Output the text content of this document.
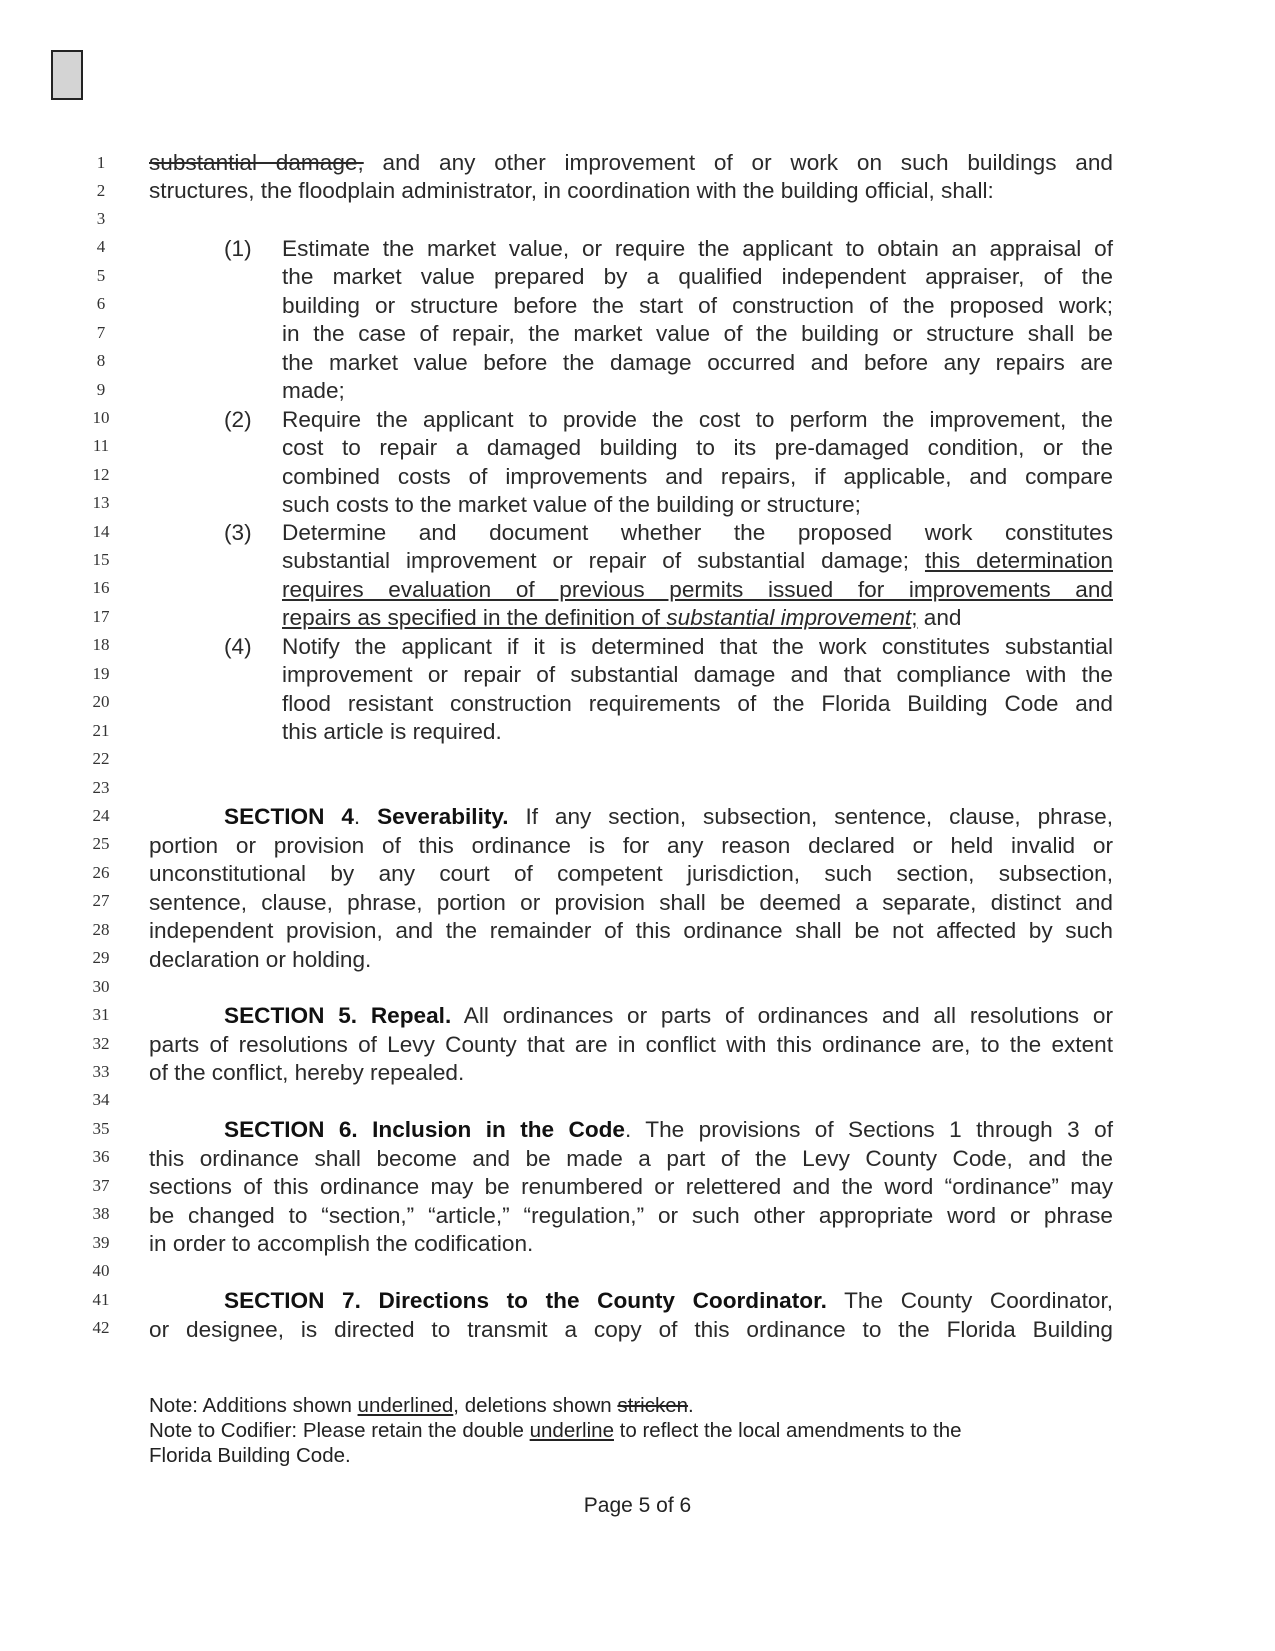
1
2
3
4
5
6
7
8
9
10
11
12
13
14
15
16
17
18
19
20
21
22
23
24
25
26
27
28
29
30
31
32
33
34
35
36
37
38
39
40
41
42
substantial damage, and any other improvement of or work on such buildings and
structures, the floodplain administrator, in coordination with the building official, shall:
(1) Estimate the market value, or require the applicant to obtain an appraisal of
the market value prepared by a qualified independent appraiser, of the
building or structure before the start of construction of the proposed work;
in the case of repair, the market value of the building or structure shall be
the market value before the damage occurred and before any repairs are
made;
(2) Require the applicant to provide the cost to perform the improvement, the
cost to repair a damaged building to its pre-damaged condition, or the
combined costs of improvements and repairs, if applicable, and compare
such costs to the market value of the building or structure;
(3) Determine and document whether the proposed work constitutes
substantial improvement or repair of substantial damage; this determination
requires evaluation of previous permits issued for improvements and
repairs as specified in the definition of substantial improvement; and
(4) Notify the applicant if it is determined that the work constitutes substantial
improvement or repair of substantial damage and that compliance with the
flood resistant construction requirements of the Florida Building Code and
this article is required.
SECTION 4. Severability. If any section, subsection, sentence, clause, phrase,
portion or provision of this ordinance is for any reason declared or held invalid or
unconstitutional by any court of competent jurisdiction, such section, subsection,
sentence, clause, phrase, portion or provision shall be deemed a separate, distinct and
independent provision, and the remainder of this ordinance shall be not affected by such
declaration or holding.
SECTION 5. Repeal. All ordinances or parts of ordinances and all resolutions or
parts of resolutions of Levy County that are in conflict with this ordinance are, to the extent
of the conflict, hereby repealed.
SECTION 6. Inclusion in the Code. The provisions of Sections 1 through 3 of
this ordinance shall become and be made a part of the Levy County Code, and the
sections of this ordinance may be renumbered or relettered and the word “ordinance” may
be changed to “section,” “article,” “regulation,” or such other appropriate word or phrase
in order to accomplish the codification.
SECTION 7. Directions to the County Coordinator. The County Coordinator,
or designee, is directed to transmit a copy of this ordinance to the Florida Building
Note: Additions shown underlined, deletions shown stricken.
Note to Codifier: Please retain the double underline to reflect the local amendments to the
Florida Building Code.
Page 5 of 6
